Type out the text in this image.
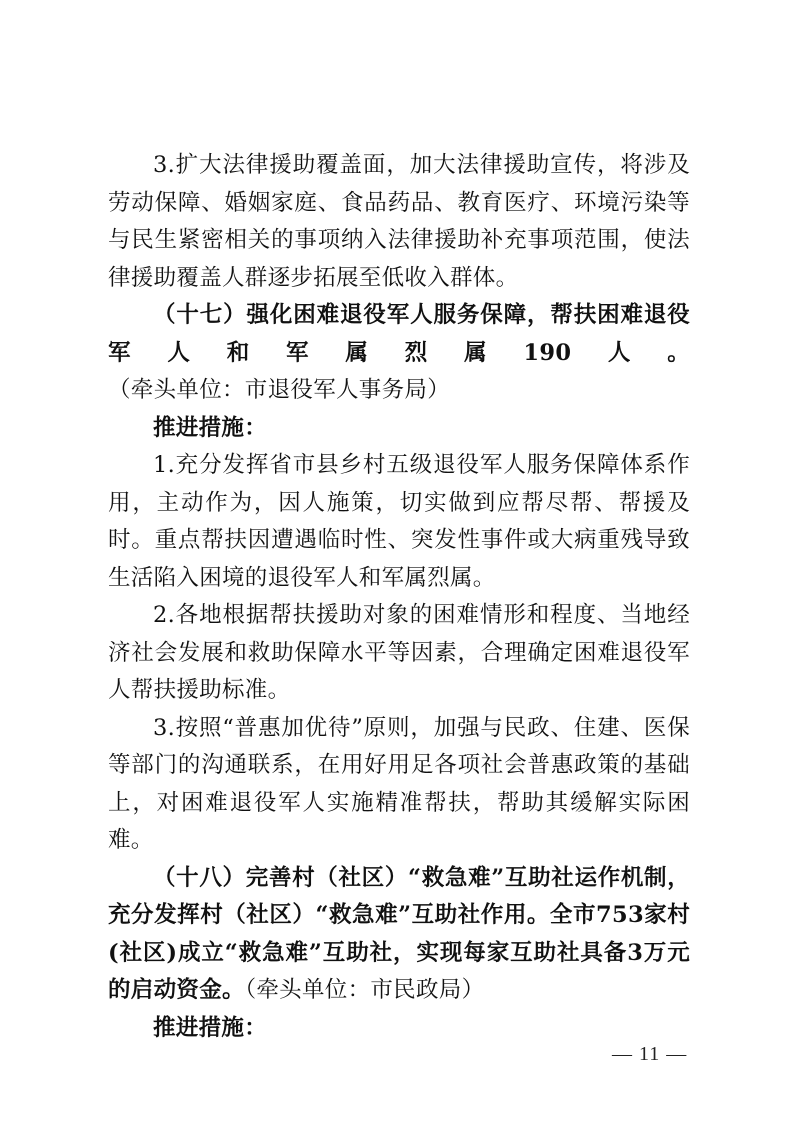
3.扩大法律援助覆盖面，加大法律援助宣传，将涉及劳动保障、婚姻家庭、食品药品、教育医疗、环境污染等与民生紧密相关的事项纳入法律援助补充事项范围，使法律援助覆盖人群逐步拓展至低收入群体。

（十七）强化困难退役军人服务保障，帮扶困难退役军人和军属烈属190人。（牵头单位：市退役军人事务局）

推进措施：

1.充分发挥省市县乡村五级退役军人服务保障体系作用，主动作为，因人施策，切实做到应帮尽帮、帮援及时。重点帮扶因遭遇临时性、突发性事件或大病重残导致生活陷入困境的退役军人和军属烈属。

2.各地根据帮扶援助对象的困难情形和程度、当地经济社会发展和救助保障水平等因素，合理确定困难退役军人帮扶援助标准。

3.按照“普惠加优待”原则，加强与民政、住建、医保等部门的沟通联系，在用好用足各项社会普惠政策的基础上，对困难退役军人实施精准帮扶，帮助其缓解实际困难。

（十八）完善村（社区）“救急难”互助社运作机制，充分发挥村（社区）“救急难”互助社作用。全市753家村(社区)成立“救急难”互助社，实现每家互助社具备3万元的启动资金。（牵头单位：市民政局）

推进措施：

— 11 —
